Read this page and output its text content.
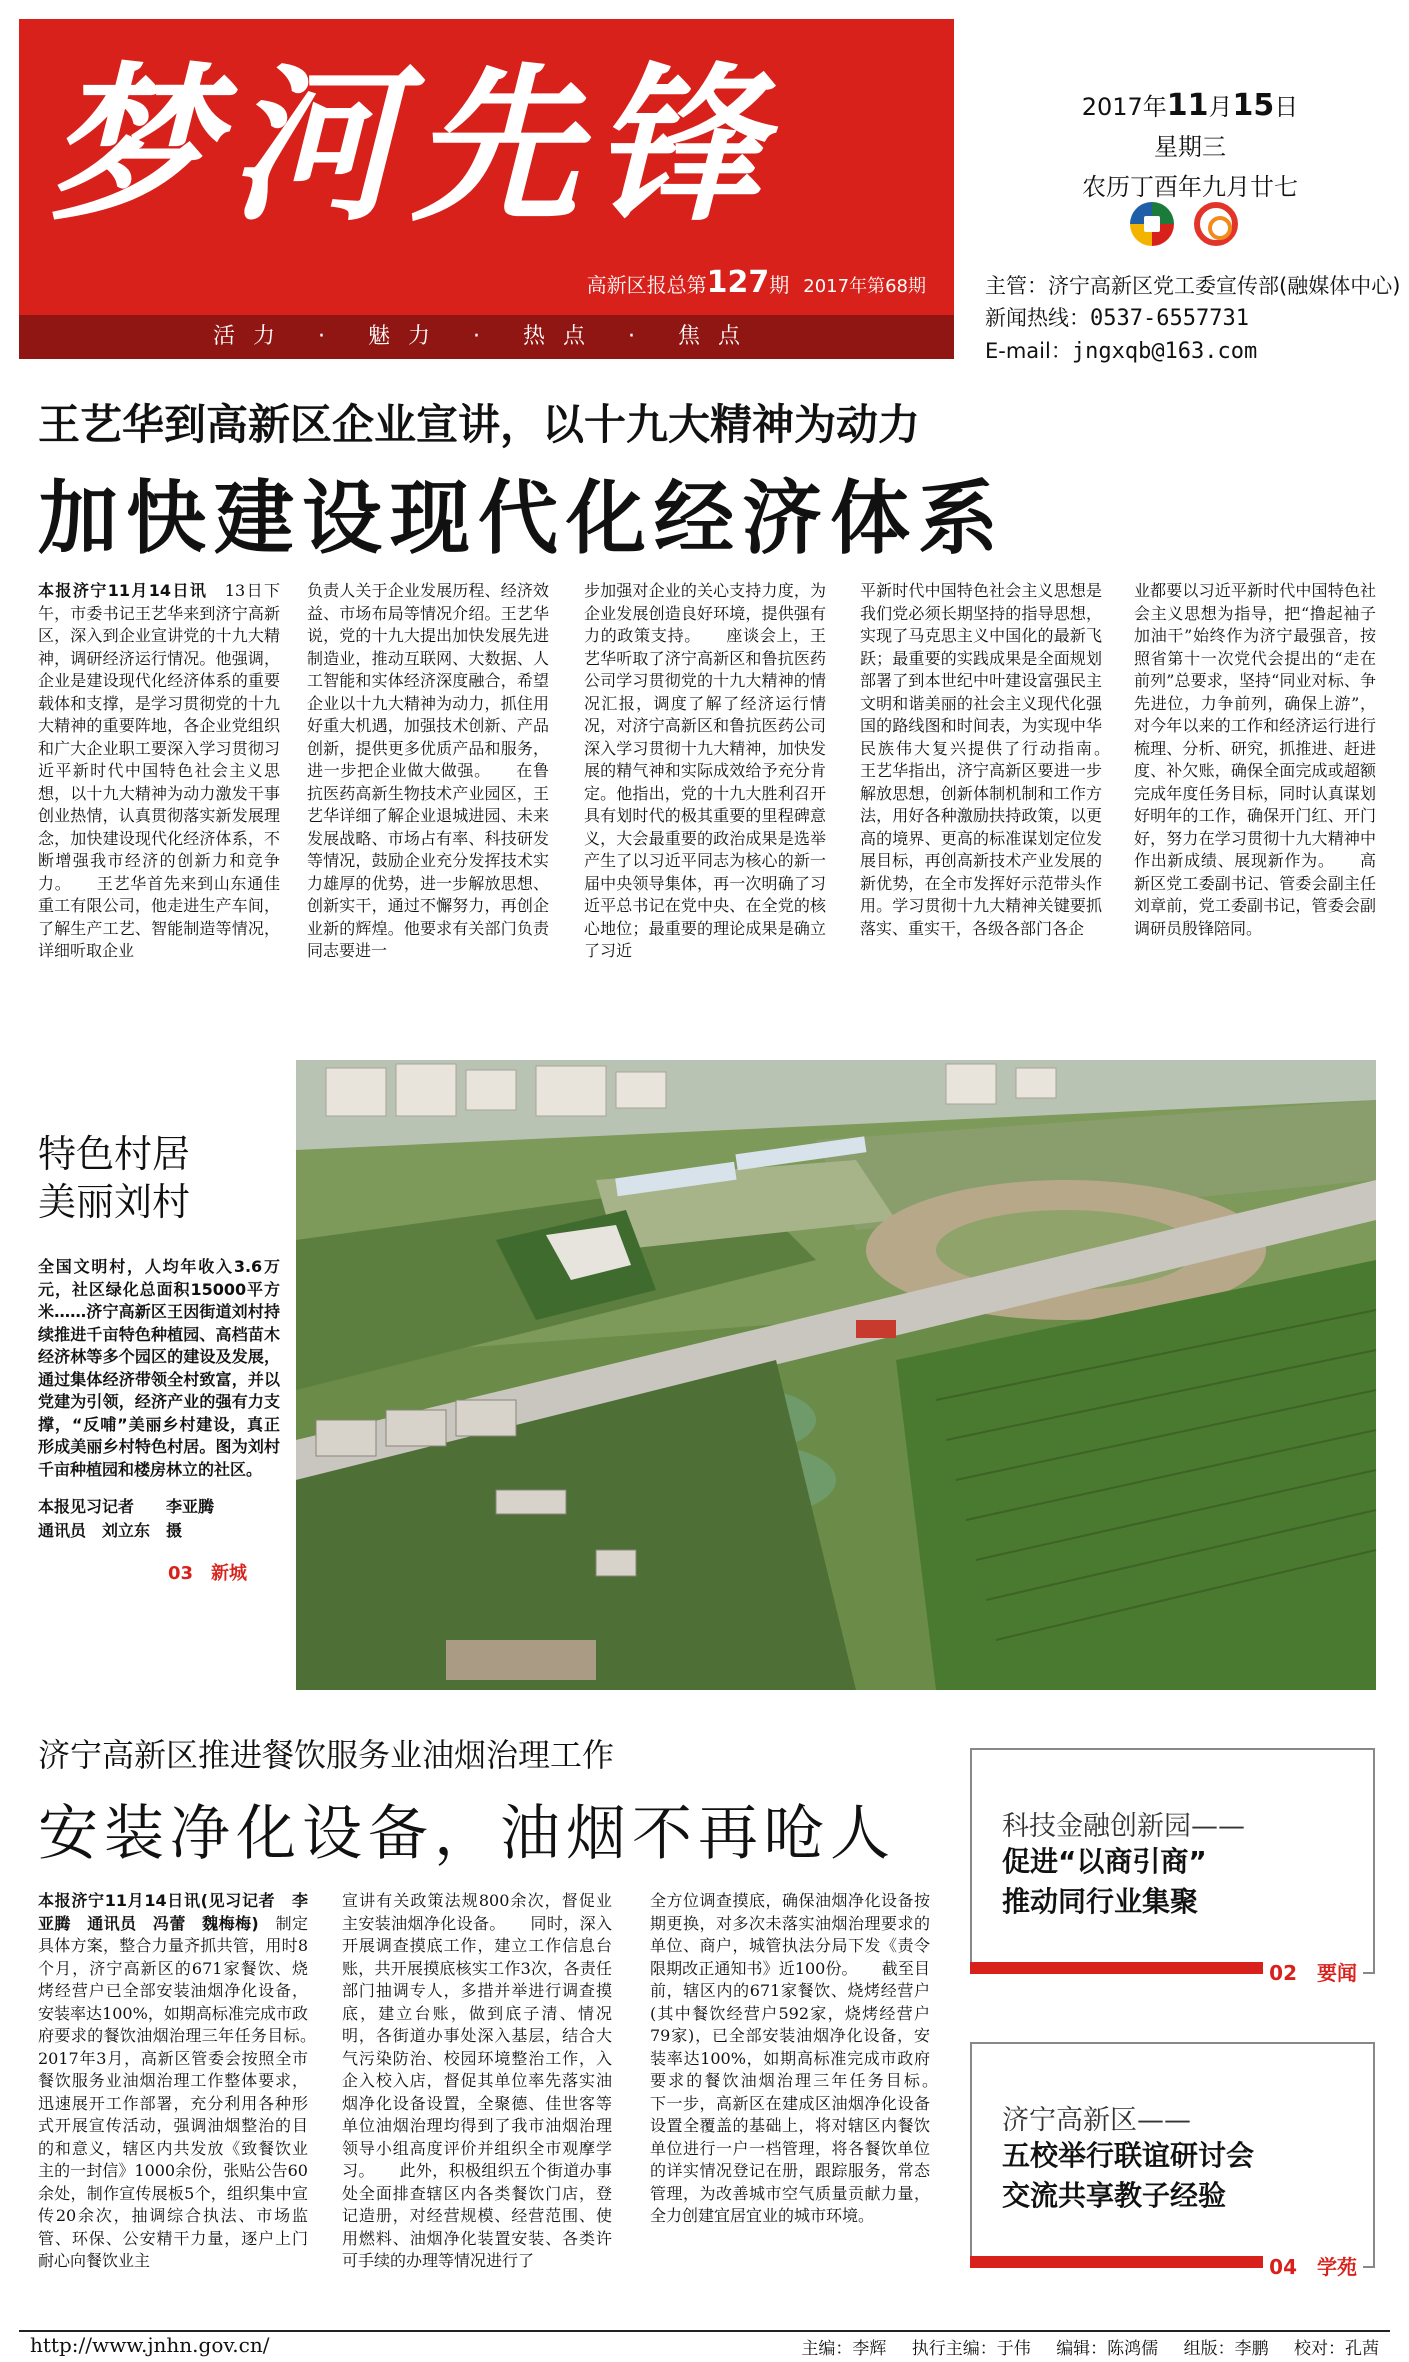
梦河先锋
高新区报总第127期 2017年第68期
活力 · 魅力 · 热点 · 焦点
2017年11月15日
星期三
农历丁酉年九月廿七
主管：济宁高新区党工委宣传部(融媒体中心)
新闻热线：0537-6557731
E-mail：jngxqb@163.com
王艺华到高新区企业宣讲，以十九大精神为动力
加快建设现代化经济体系
本报济宁11月14日讯　 13日下午，市委书记王艺华来到济宁高新区，深入到企业宣讲党的十九大精神，调研经济运行情况。他强调，企业是建设现代化经济体系的重要载体和支撑，是学习贯彻党的十九大精神的重要阵地，各企业党组织和广大企业职工要深入学习贯彻习近平新时代中国特色社会主义思想，以十九大精神为动力激发干事创业热情，认真贯彻落实新发展理念，加快建设现代化经济体系，不断增强我市经济的创新力和竞争力。　　王艺华首先来到山东通佳重工有限公司，他走进生产车间，了解生产工艺、智能制造等情况，详细听取企业
负责人关于企业发展历程、经济效益、市场布局等情况介绍。王艺华说，党的十九大提出加快发展先进制造业，推动互联网、大数据、人工智能和实体经济深度融合，希望企业以十九大精神为动力，抓住用好重大机遇，加强技术创新、产品创新，提供更多优质产品和服务，进一步把企业做大做强。　　在鲁抗医药高新生物技术产业园区，王艺华详细了解企业退城进园、未来发展战略、市场占有率、科技研发等情况，鼓励企业充分发挥技术实力雄厚的优势，进一步解放思想、创新实干，通过不懈努力，再创企业新的辉煌。他要求有关部门负责同志要进一
步加强对企业的关心支持力度，为企业发展创造良好环境，提供强有力的政策支持。　　座谈会上，王艺华听取了济宁高新区和鲁抗医药公司学习贯彻党的十九大精神的情况汇报，调度了解了经济运行情况，对济宁高新区和鲁抗医药公司深入学习贯彻十九大精神，加快发展的精气神和实际成效给予充分肯定。他指出，党的十九大胜利召开具有划时代的极其重要的里程碑意义，大会最重要的政治成果是选举产生了以习近平同志为核心的新一届中央领导集体，再一次明确了习近平总书记在党中央、在全党的核心地位；最重要的理论成果是确立了习近
平新时代中国特色社会主义思想是我们党必须长期坚持的指导思想，实现了马克思主义中国化的最新飞跃；最重要的实践成果是全面规划部署了到本世纪中叶建设富强民主文明和谐美丽的社会主义现代化强国的路线图和时间表，为实现中华民族伟大复兴提供了行动指南。　　王艺华指出，济宁高新区要进一步解放思想，创新体制机制和工作方法，用好各种激励扶持政策，以更高的境界、更高的标准谋划定位发展目标，再创高新技术产业发展的新优势，在全市发挥好示范带头作用。学习贯彻十九大精神关键要抓落实、重实干，各级各部门各企
业都要以习近平新时代中国特色社会主义思想为指导，把“撸起袖子加油干”始终作为济宁最强音，按照省第十一次党代会提出的“走在前列”总要求，坚持“同业对标、争先进位，力争前列，确保上游”，对今年以来的工作和经济运行进行梳理、分析、研究，抓推进、赶进度、补欠账，确保全面完成或超额完成年度任务目标，同时认真谋划好明年的工作，确保开门红、开门好，努力在学习贯彻十九大精神中作出新成绩、展现新作为。　　高新区党工委副书记、管委会副主任刘章前，党工委副书记，管委会副调研员殷锋陪同。
特色村居
美丽刘村
全国文明村，人均年收入3.6万元，社区绿化总面积15000平方米……济宁高新区王因街道刘村持续推进千亩特色种植园、高档苗木经济林等多个园区的建设及发展，通过集体经济带领全村致富，并以党建为引领，经济产业的强有力支撑，“反哺”美丽乡村建设，真正形成美丽乡村特色村居。图为刘村千亩种植园和楼房林立的社区。
本报见习记者　　李亚腾
通讯员　刘立东　摄
03　新城
济宁高新区推进餐饮服务业油烟治理工作
安装净化设备，油烟不再呛人
本报济宁11月14日讯(见习记者　李亚腾　通讯员　冯蕾　魏梅梅)　 制定具体方案，整合力量齐抓共管，用时8个月，济宁高新区的671家餐饮、烧烤经营户已全部安装油烟净化设备，安装率达100%，如期高标准完成市政府要求的餐饮油烟治理三年任务目标。　　2017年3月，高新区管委会按照全市餐饮服务业油烟治理工作整体要求，迅速展开工作部署，充分利用各种形式开展宣传活动，强调油烟整治的目的和意义，辖区内共发放《致餐饮业主的一封信》1000余份，张贴公告60余处，制作宣传展板5个，组织集中宣传20余次，抽调综合执法、市场监管、环保、公安精干力量，逐户上门耐心向餐饮业主
宣讲有关政策法规800余次，督促业主安装油烟净化设备。　　同时，深入开展调查摸底工作，建立工作信息台账，共开展摸底核实工作3次，各责任部门抽调专人，多措并举进行调查摸底，建立台账，做到底子清、情况明，各街道办事处深入基层，结合大气污染防治、校园环境整治工作，入企入校入店，督促其单位率先落实油烟净化设备设置，全聚德、佳世客等单位油烟治理均得到了我市油烟治理领导小组高度评价并组织全市观摩学习。　　此外，积极组织五个街道办事处全面排查辖区内各类餐饮门店，登记造册，对经营规模、经营范围、使用燃料、油烟净化装置安装、各类许可手续的办理等情况进行了
全方位调查摸底，确保油烟净化设备按期更换，对多次未落实油烟治理要求的单位、商户，城管执法分局下发《责令限期改正通知书》近100份。　　截至目前，辖区内的671家餐饮、烧烤经营户(其中餐饮经营户592家，烧烤经营户79家)，已全部安装油烟净化设备，安装率达100%，如期高标准完成市政府要求的餐饮油烟治理三年任务目标。　　下一步，高新区在建成区油烟净化设备设置全覆盖的基础上，将对辖区内餐饮单位进行一户一档管理，将各餐饮单位的详实情况登记在册，跟踪服务，常态管理，为改善城市空气质量贡献力量，全力创建宜居宜业的城市环境。
科技金融创新园——
促进“以商引商”
推动同行业集聚
02　要闻
济宁高新区——
五校举行联谊研讨会
交流共享教子经验
04　学苑
http://www.jnhn.gov.cn/	主编：李辉 执行主编：于伟 编辑：陈鸿儒 组版：李鹏 校对：孔茜
